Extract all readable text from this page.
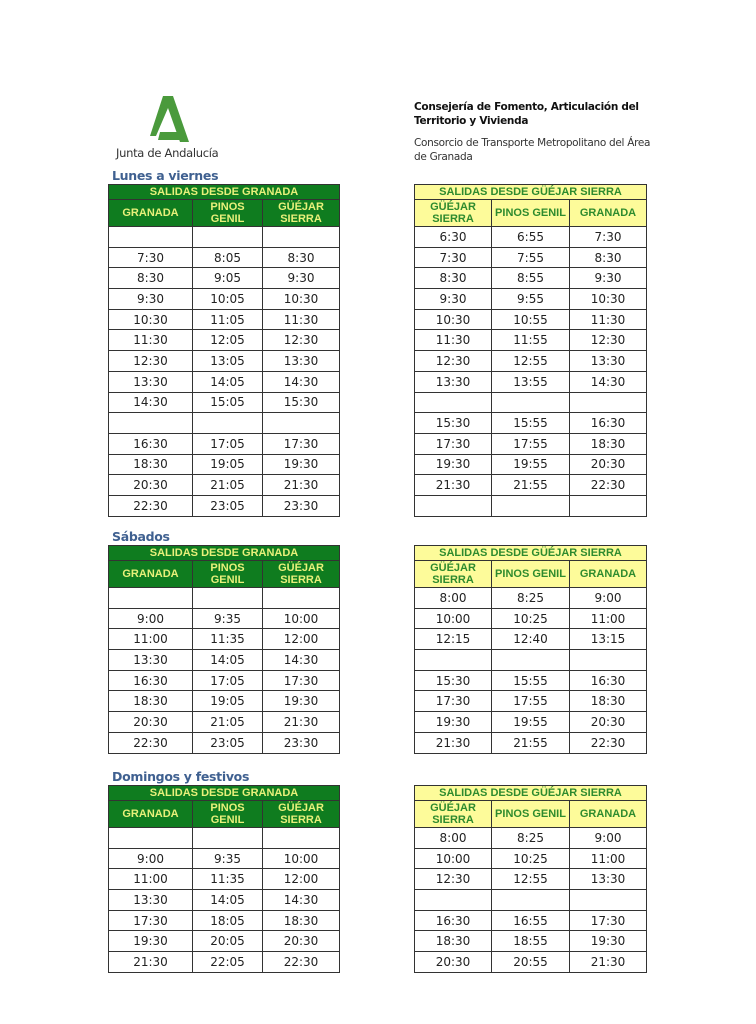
Junta de Andalucía
Consejería de Fomento, Articulación del Territorio y Vivienda
Consorcio de Transporte Metropolitano del Área de Granada
Lunes a viernes
Sábados
Domingos y festivos
SALIDAS DESDE GRANADA		
GRANADA	PINOS GENIL	GÜÉJAR SIERRA

7:30	8:05	8:30
8:30	9:05	9:30
9:30	10:05	10:30
10:30	11:05	11:30
11:30	12:05	12:30
12:30	13:05	13:30
13:30	14:05	14:30
14:30	15:05	15:30

16:30	17:05	17:30
18:30	19:05	19:30
20:30	21:05	21:30
22:30	23:05	23:30
SALIDAS DESDE GÜÉJAR SIERRA		
GÜÉJAR SIERRA	PINOS GENIL	GRANADA
6:30	6:55	7:30
7:30	7:55	8:30
8:30	8:55	9:30
9:30	9:55	10:30
10:30	10:55	11:30
11:30	11:55	12:30
12:30	12:55	13:30
13:30	13:55	14:30

15:30	15:55	16:30
17:30	17:55	18:30
19:30	19:55	20:30
21:30	21:55	22:30

SALIDAS DESDE GRANADA		
GRANADA	PINOS GENIL	GÜÉJAR SIERRA

9:00	9:35	10:00
11:00	11:35	12:00
13:30	14:05	14:30
16:30	17:05	17:30
18:30	19:05	19:30
20:30	21:05	21:30
22:30	23:05	23:30
SALIDAS DESDE GÜÉJAR SIERRA		
GÜÉJAR SIERRA	PINOS GENIL	GRANADA
8:00	8:25	9:00
10:00	10:25	11:00
12:15	12:40	13:15

15:30	15:55	16:30
17:30	17:55	18:30
19:30	19:55	20:30
21:30	21:55	22:30
SALIDAS DESDE GRANADA		
GRANADA	PINOS GENIL	GÜÉJAR SIERRA

9:00	9:35	10:00
11:00	11:35	12:00
13:30	14:05	14:30
17:30	18:05	18:30
19:30	20:05	20:30
21:30	22:05	22:30
SALIDAS DESDE GÜÉJAR SIERRA		
GÜÉJAR SIERRA	PINOS GENIL	GRANADA
8:00	8:25	9:00
10:00	10:25	11:00
12:30	12:55	13:30

16:30	16:55	17:30
18:30	18:55	19:30
20:30	20:55	21:30
